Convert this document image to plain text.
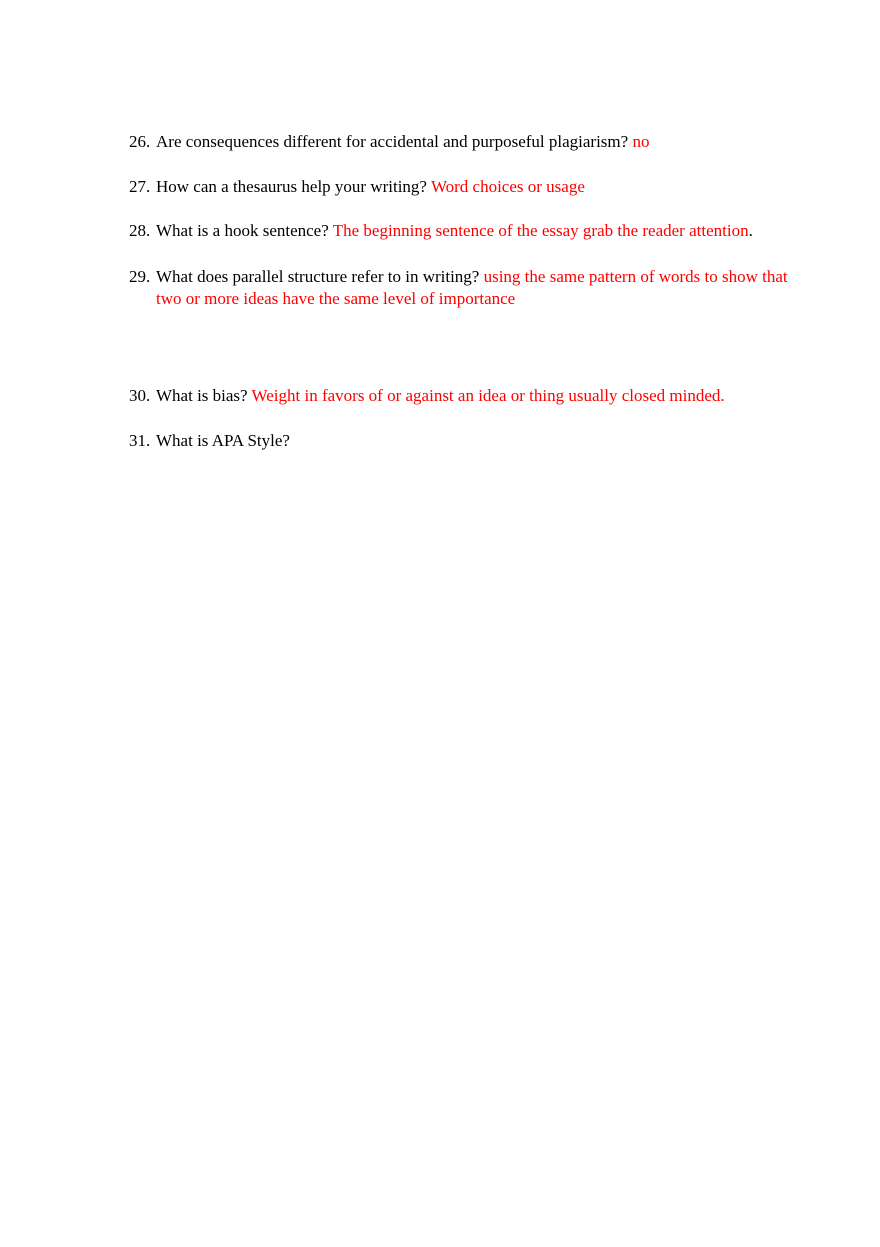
26. Are consequences different for accidental and purposeful plagiarism? no
27. How can a thesaurus help your writing? Word choices or usage
28. What is a hook sentence? The beginning sentence of the essay grab the reader attention.
29. What does parallel structure refer to in writing? using the same pattern of words to show that two or more ideas have the same level of importance
30. What is bias? Weight in favors of or against an idea or thing usually closed minded.
31. What is APA Style?
